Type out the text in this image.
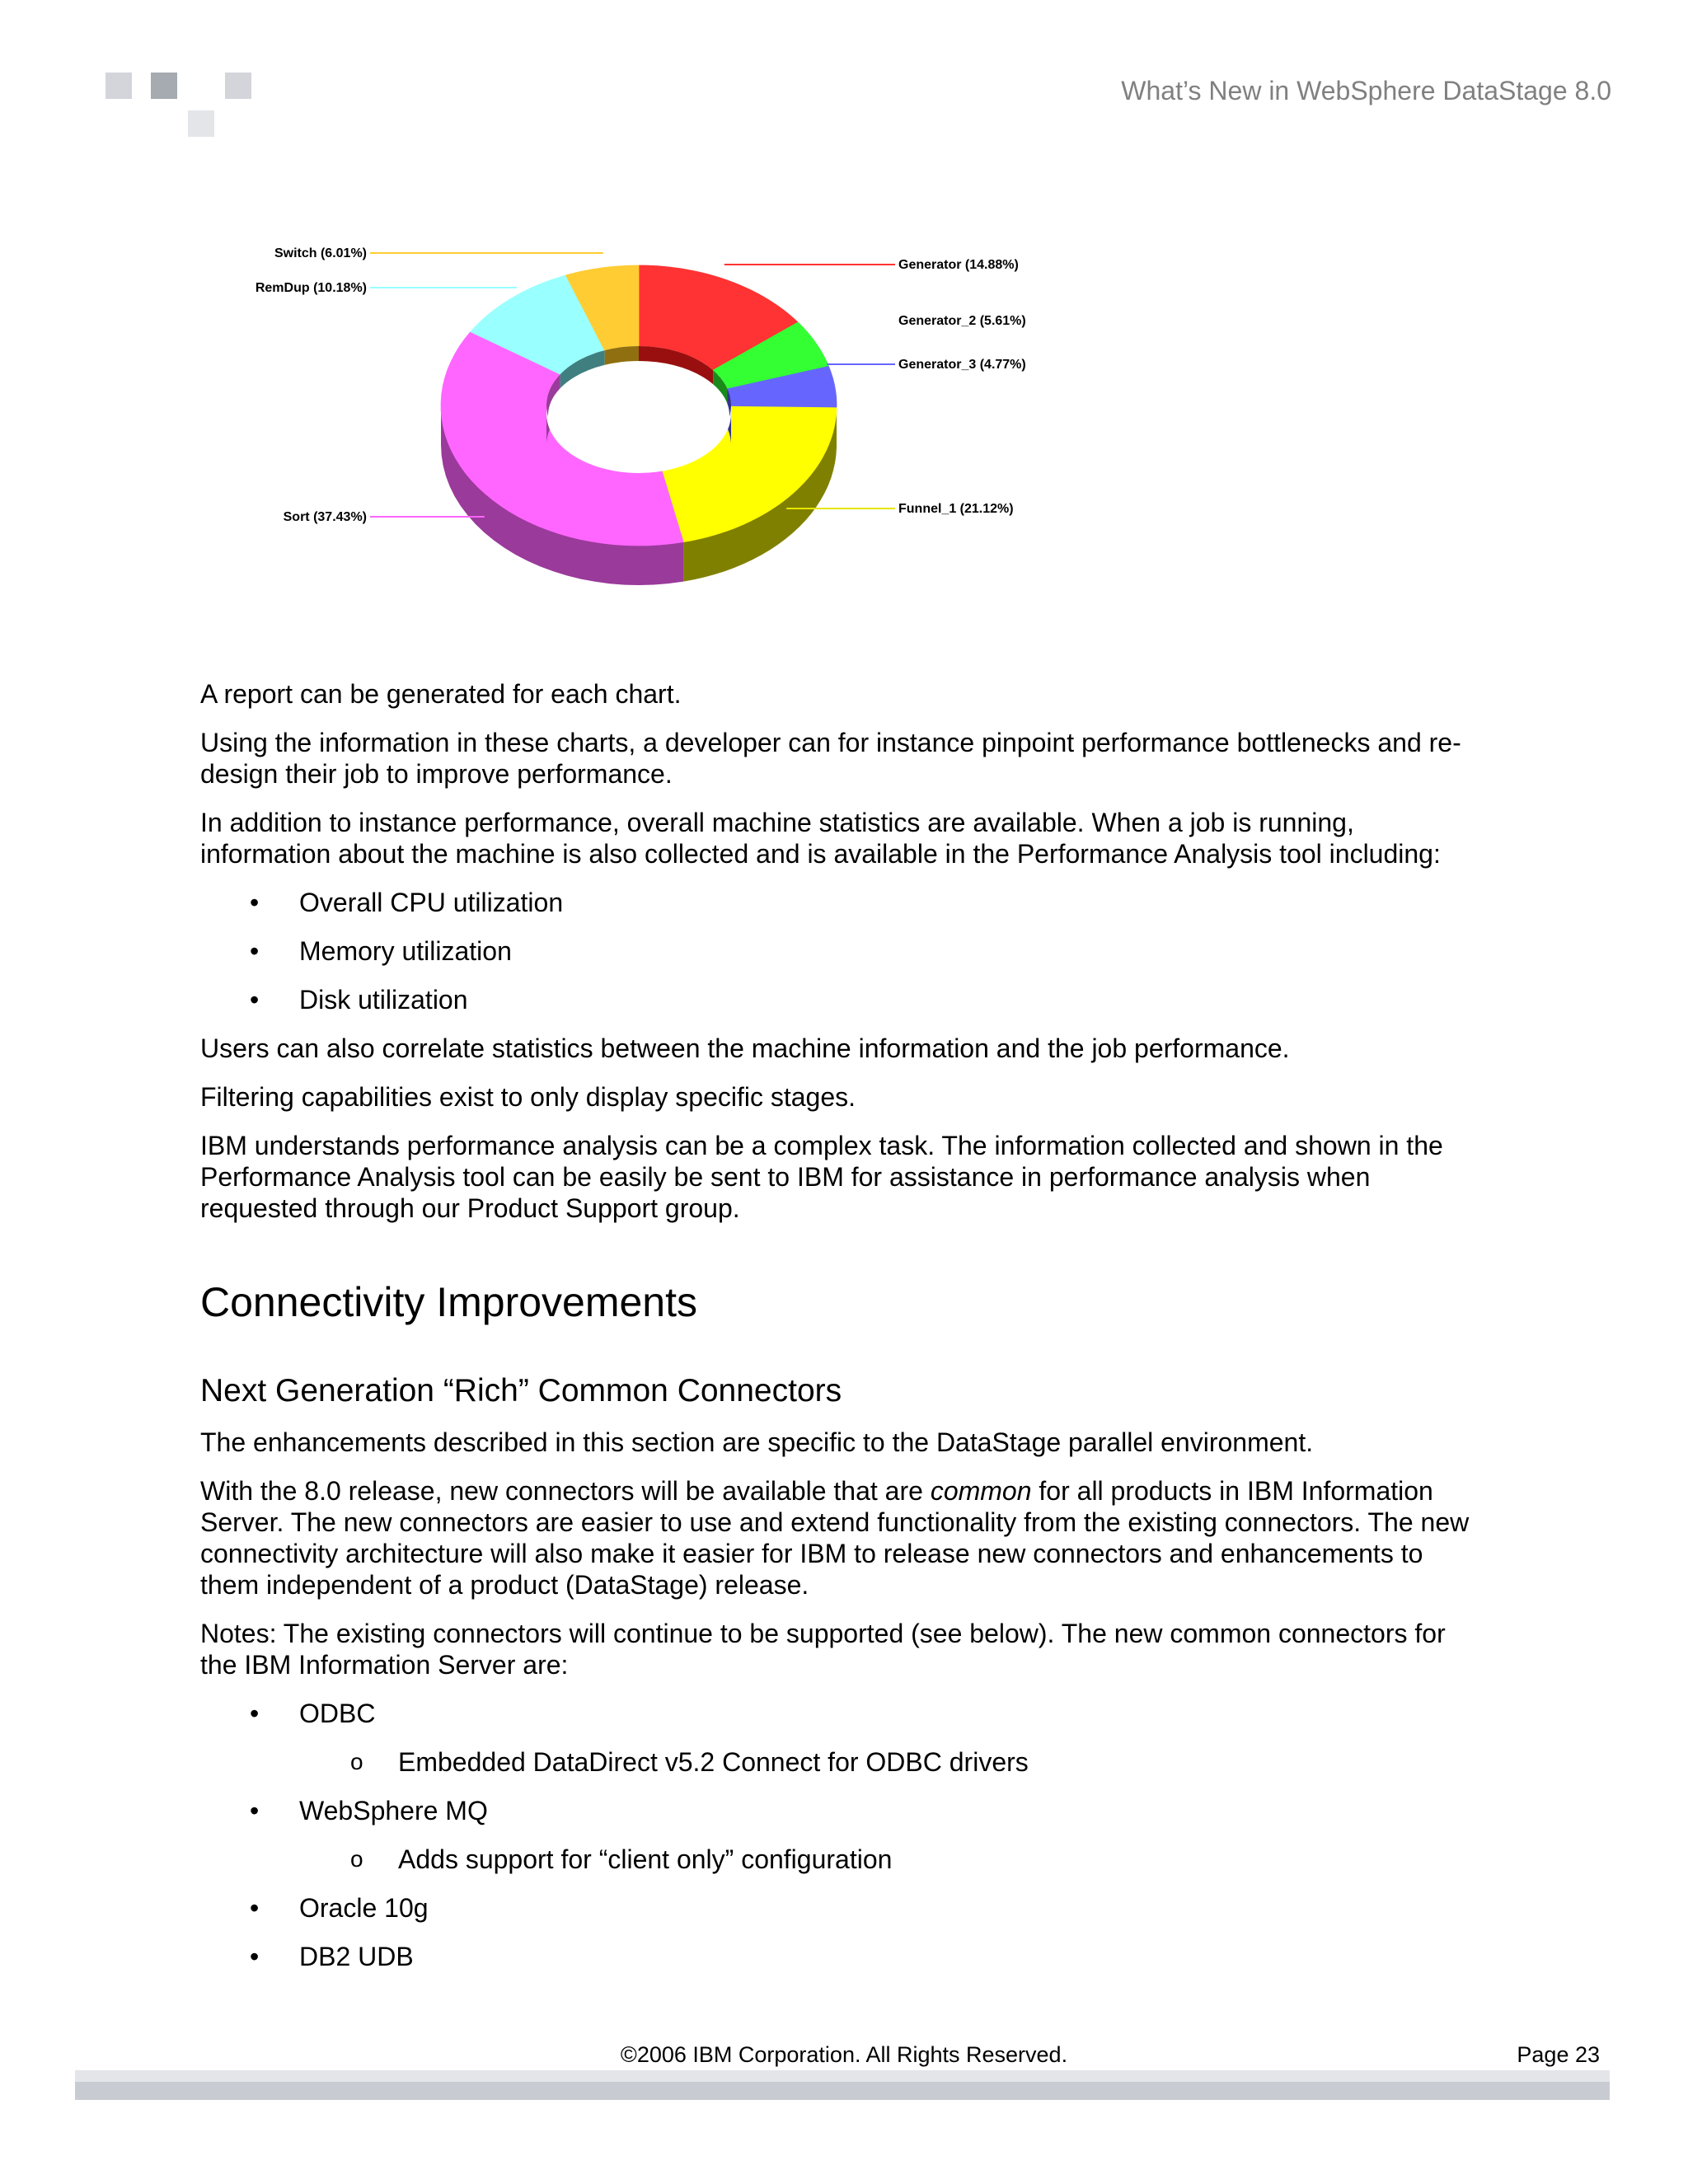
What’s New in WebSphere DataStage 8.0
Generator (14.88%)
Generator_2 (5.61%)
Generator_3 (4.77%)
Funnel_1 (21.12%)
Sort (37.43%)
RemDup (10.18%)
Switch (6.01%)

A report can be generated for each chart.

Using the information in these charts, a developer can for instance pinpoint performance bottlenecks and re-design their job to improve performance.

In addition to instance performance, overall machine statistics are available. When a job is running, information about the machine is also collected and is available in the Performance Analysis tool including:

• Overall CPU utilization
• Memory utilization
• Disk utilization

Users can also correlate statistics between the machine information and the job performance.

Filtering capabilities exist to only display specific stages.

IBM understands performance analysis can be a complex task. The information collected and shown in the Performance Analysis tool can be easily be sent to IBM for assistance in performance analysis when requested through our Product Support group.

Connectivity Improvements
Next Generation “Rich” Common Connectors

The enhancements described in this section are specific to the DataStage parallel environment.

With the 8.0 release, new connectors will be available that are common for all products in IBM Information Server. The new connectors are easier to use and extend functionality from the existing connectors. The new connectivity architecture will also make it easier for IBM to release new connectors and enhancements to them independent of a product (DataStage) release.

Notes: The existing connectors will continue to be supported (see below). The new common connectors for the IBM Information Server are:

• ODBC
o Embedded DataDirect v5.2 Connect for ODBC drivers
• WebSphere MQ
o Adds support for “client only” configuration
• Oracle 10g
• DB2 UDB
©2006 IBM Corporation. All Rights Reserved.	Page 23
